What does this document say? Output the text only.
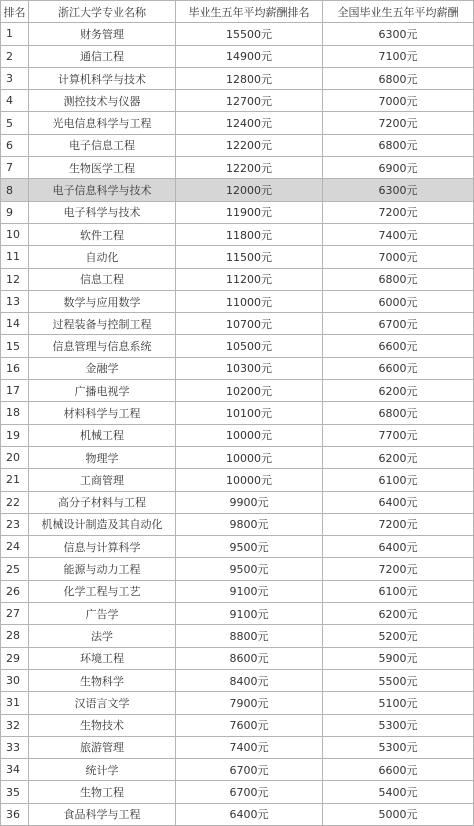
排名	浙江大学专业名称	毕业生五年平均薪酬排名	全国毕业生五年平均薪酬
1	财务管理	15500元	6300元
2	通信工程	14900元	7100元
3	计算机科学与技术	12800元	6800元
4	测控技术与仪器	12700元	7000元
5	光电信息科学与工程	12400元	7200元
6	电子信息工程	12200元	6800元
7	生物医学工程	12200元	6900元
8	电子信息科学与技术	12000元	6300元
9	电子科学与技术	11900元	7200元
10	软件工程	11800元	7400元
11	自动化	11500元	7000元
12	信息工程	11200元	6800元
13	数学与应用数学	11000元	6000元
14	过程装备与控制工程	10700元	6700元
15	信息管理与信息系统	10500元	6600元
16	金融学	10300元	6600元
17	广播电视学	10200元	6200元
18	材料科学与工程	10100元	6800元
19	机械工程	10000元	7700元
20	物理学	10000元	6200元
21	工商管理	10000元	6100元
22	高分子材料与工程	9900元	6400元
23	机械设计制造及其自动化	9800元	7200元
24	信息与计算科学	9500元	6400元
25	能源与动力工程	9500元	7200元
26	化学工程与工艺	9100元	6100元
27	广告学	9100元	6200元
28	法学	8800元	5200元
29	环境工程	8600元	5900元
30	生物科学	8400元	5500元
31	汉语言文学	7900元	5100元
32	生物技术	7600元	5300元
33	旅游管理	7400元	5300元
34	统计学	6700元	6600元
35	生物工程	6700元	5400元
36	食品科学与工程	6400元	5000元
